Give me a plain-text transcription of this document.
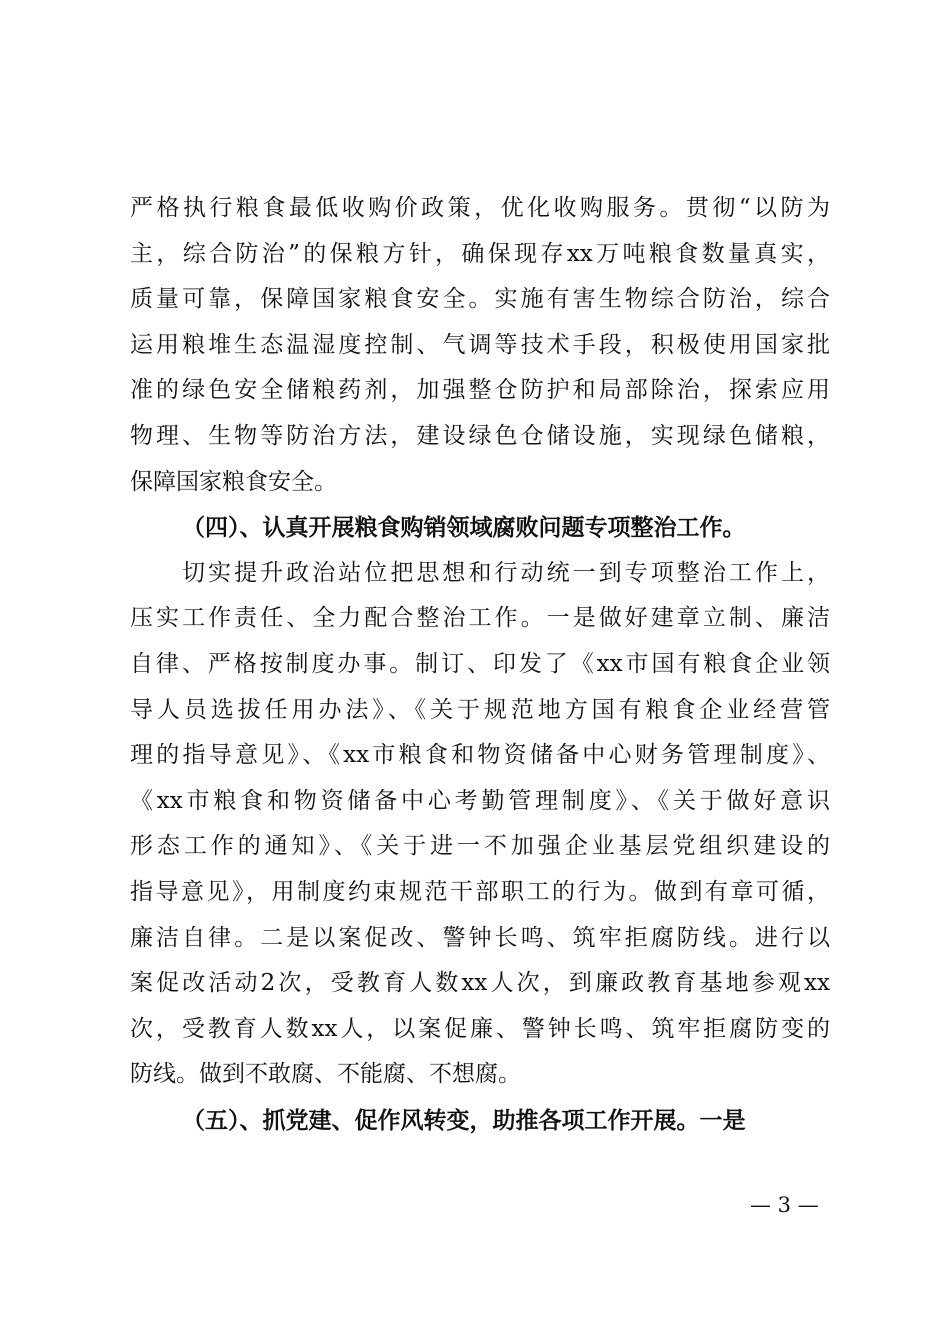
严格执行粮食最低收购价政策，优化收购服务。贯彻“以防为
主，综合防治”的保粮方针，确保现存xx万吨粮食数量真实，
质量可靠，保障国家粮食安全。实施有害生物综合防治，综合
运用粮堆生态温湿度控制、气调等技术手段，积极使用国家批
准的绿色安全储粮药剂，加强整仓防护和局部除治，探索应用
物理、生物等防治方法，建设绿色仓储设施，实现绿色储粮，
保障国家粮食安全。
（四）、认真开展粮食购销领域腐败问题专项整治工作。
切实提升政治站位把思想和行动统一到专项整治工作上，
压实工作责任、全力配合整治工作。一是做好建章立制、廉洁
自律、严格按制度办事。制订、印发了《xx市国有粮食企业领
导人员选拔任用办法》、《关于规范地方国有粮食企业经营管
理的指导意见》、《xx市粮食和物资储备中心财务管理制度》、
《xx市粮食和物资储备中心考勤管理制度》、《关于做好意识
形态工作的通知》、《关于进一不加强企业基层党组织建设的
指导意见》，用制度约束规范干部职工的行为。做到有章可循，
廉洁自律。二是以案促改、警钟长鸣、筑牢拒腐防线。进行以
案促改活动2次，受教育人数xx人次，到廉政教育基地参观xx
次，受教育人数xx人，以案促廉、警钟长鸣、筑牢拒腐防变的
防线。做到不敢腐、不能腐、不想腐。
（五）、抓党建、促作风转变，助推各项工作开展。一是
— 3 —
